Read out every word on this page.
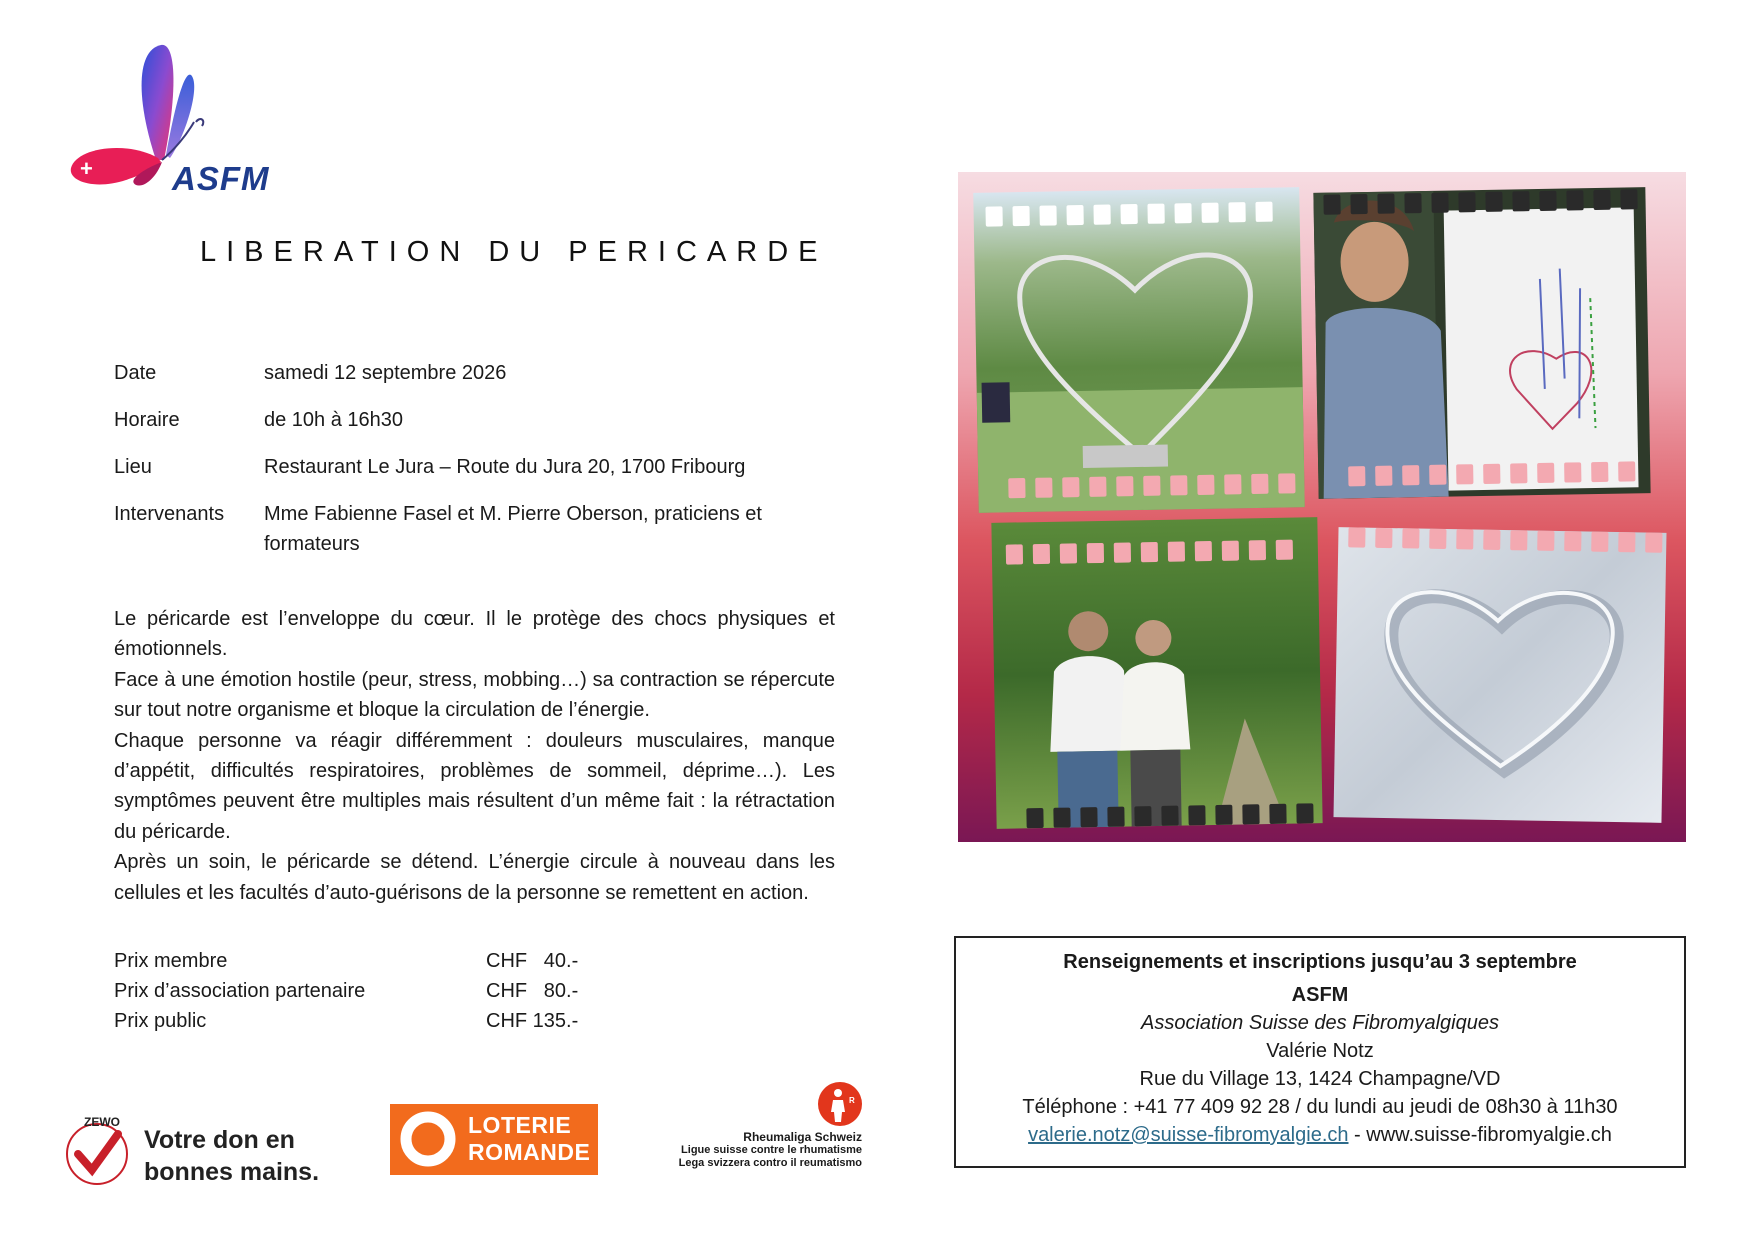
+ ASFM
LIBERATION DU PERICARDE
Date	samedi 12 septembre 2026
Horaire	de 10h à 16h30
Lieu	Restaurant Le Jura – Route du Jura 20, 1700 Fribourg
Intervenants	Mme Fabienne Fasel et M. Pierre Oberson, praticiens et formateurs

Le péricarde est l’enveloppe du cœur. Il le protège des chocs physiques et émotionnels.

Face à une émotion hostile (peur, stress, mobbing…) sa contraction se répercute sur tout notre organisme et bloque la circulation de l’énergie.

Chaque personne va réagir différemment : douleurs musculaires, manque d’appétit, difficultés respiratoires, problèmes de sommeil, déprime…). Les symptômes peuvent être multiples mais résultent d’un même fait : la rétractation du péricarde.

Après un soin, le péricarde se détend. L’énergie circule à nouveau dans les cellules et les facultés d’auto-guérisons de la personne se remettent en action.

Prix membre	CHF   40.-
Prix d’association partenaire	CHF   80.-
Prix public	CHF 135.-
Renseignements et inscriptions jusqu’au 3 septembre
ASFM
Association Suisse des Fibromyalgiques
Valérie Notz
Rue du Village 13, 1424 Champagne/VD
Téléphone : +41 77 409 92 28 / du lundi au jeudi de 08h30 à 11h30
valerie.notz@suisse-fibromyalgie.ch - www.suisse-fibromyalgie.ch
ZEWO
Votre don en
bonnes mains.
LOTERIE
ROMANDE
R
Rheumaliga Schweiz
Ligue suisse contre le rhumatisme
Lega svizzera contro il reumatismo
